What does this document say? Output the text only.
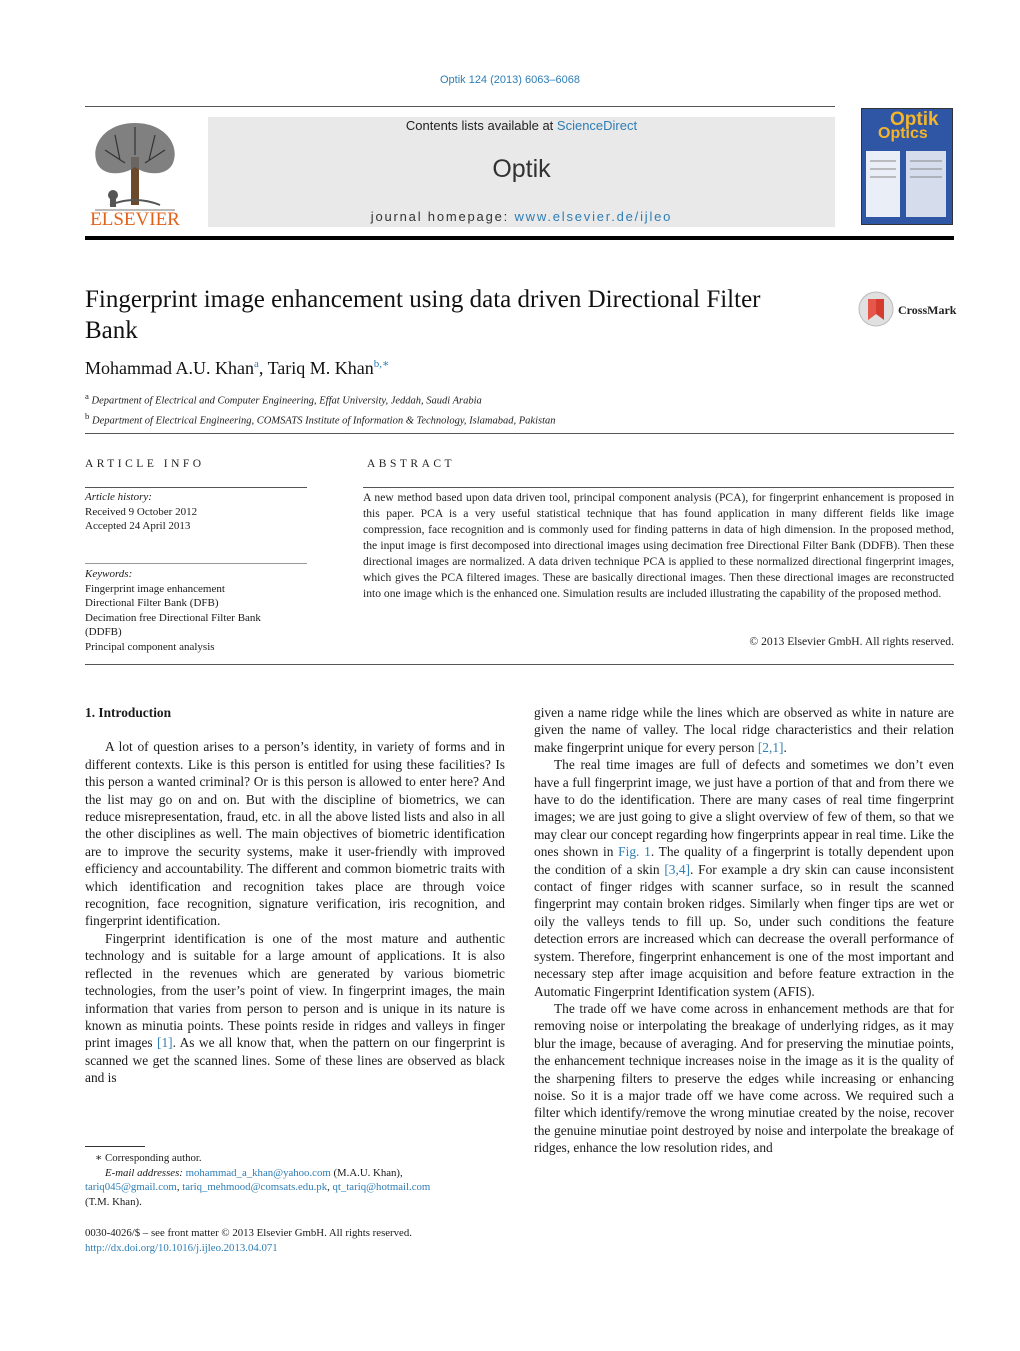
Optik 124 (2013) 6063–6068
ELSEVIER
Contents lists available at ScienceDirect
Optik
journal homepage: www.elsevier.de/ijleo
Optik
Optics
Fingerprint image enhancement using data driven Directional Filter Bank
CrossMark
Mohammad A.U. Khan$^a$, Tariq M. Khan$^{b,∗}$
$^a$ Department of Electrical and Computer Engineering, Effat University, Jeddah, Saudi Arabia
$^b$ Department of Electrical Engineering, COMSATS Institute of Information & Technology, Islamabad, Pakistan
ARTICLE INFO	ABSTRACT
Article history:
Received 9 October 2012
Accepted 24 April 2013
Keywords:
Fingerprint image enhancement
Directional Filter Bank (DFB)
Decimation free Directional Filter Bank
(DDFB)
Principal component analysis
A new method based upon data driven tool, principal component analysis (PCA), for fingerprint enhancement is proposed in this paper. PCA is a very useful statistical technique that has found application in many different fields like image compression, face recognition and is commonly used for finding patterns in data of high dimension. In the proposed method, the input image is first decomposed into directional images using decimation free Directional Filter Bank (DDFB). Then these directional images are normalized. A data driven technique PCA is applied to these normalized directional fingerprint images, which gives the PCA filtered images. These are basically directional images. Then these directional images are reconstructed into one image which is the enhanced one. Simulation results are included illustrating the capability of the proposed method.
© 2013 Elsevier GmbH. All rights reserved.
1. Introduction

A lot of question arises to a person’s identity, in variety of forms and in different contexts. Like is this person is entitled for using these facilities? Is this person a wanted criminal? Or is this person is allowed to enter here? And the list may go on and on. But with the discipline of biometrics, we can reduce misrepresentation, fraud, etc. in all the above listed lists and also in all the other disciplines as well. The main objectives of biometric identification are to improve the security systems, make it user-friendly with improved efficiency and accountability. The different and common biometric traits with which identification and recognition takes place are through voice recognition, face recognition, signature verification, iris recognition, and fingerprint identification.

Fingerprint identification is one of the most mature and authentic technology and is suitable for a large amount of applications. It is also reflected in the revenues which are generated by various biometric technologies, from the user’s point of view. In fingerprint images, the main information that varies from person to person and is unique in its nature is known as minutia points. These points reside in ridges and valleys in finger print images [1]. As we all know that, when the pattern on our fingerprint is scanned we get the scanned lines. Some of these lines are observed as black and is

given a name ridge while the lines which are observed as white in nature are given the name of valley. The local ridge characteristics and their relation make fingerprint unique for every person [2,1].

The real time images are full of defects and sometimes we don’t even have a full fingerprint image, we just have a portion of that and from there we have to do the identification. There are many cases of real time fingerprint images; we are just going to give a slight overview of few of them, so that we may clear our concept regarding how fingerprints appear in real time. Like the ones shown in Fig. 1. The quality of a fingerprint is totally dependent upon the condition of a skin [3,4]. For example a dry skin can cause inconsistent contact of finger ridges with scanner surface, so in result the scanned fingerprint may contain broken ridges. Similarly when finger tips are wet or oily the valleys tends to fill up. So, under such conditions the feature detection errors are increased which can decrease the overall performance of system. Therefore, fingerprint enhancement is one of the most important and necessary step after image acquisition and before feature extraction in the Automatic Fingerprint Identification system (AFIS).

The trade off we have come across in enhancement methods are that for removing noise or interpolating the breakage of underlying ridges, as it may blur the image, because of averaging. And for preserving the minutiae points, the enhancement technique increases noise in the image as it is the quality of the sharpening filters to preserve the edges while increasing or enhancing noise. So it is a major trade off we have come across. We required such a filter which identify/remove the wrong minutiae created by the noise, recover the genuine minutiae point destroyed by noise and interpolate the breakage of ridges, enhance the low resolution rides, and

∗ Corresponding author.
E-mail addresses: mohammad_a_khan@yahoo.com (M.A.U. Khan),
tariq045@gmail.com, tariq_mehmood@comsats.edu.pk, qt_tariq@hotmail.com
(T.M. Khan).
0030-4026/$ – see front matter © 2013 Elsevier GmbH. All rights reserved.
http://dx.doi.org/10.1016/j.ijleo.2013.04.071
